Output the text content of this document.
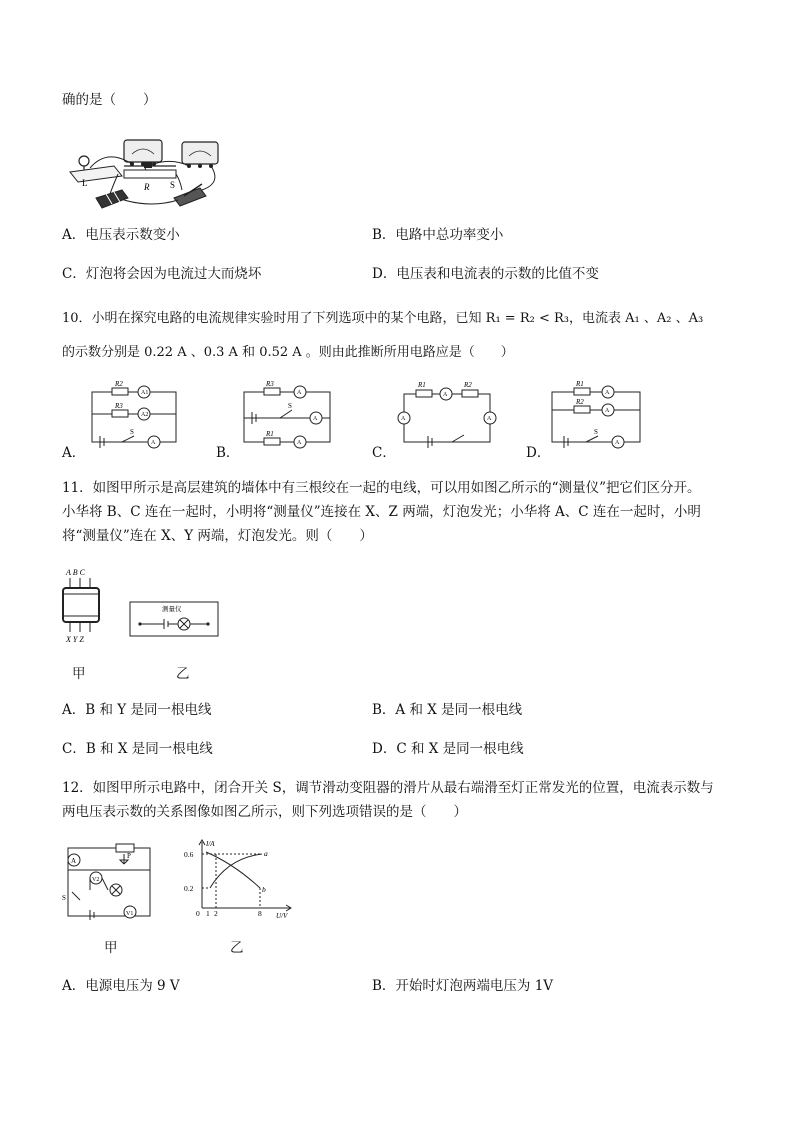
确的是（　　）
L	R S
A．电压表示数变小	B．电路中总功率变小
C．灯泡将会因为电流过大而烧坏	D．电压表和电流表的示数的比值不变
10．小明在探究电路的电流规律实验时用了下列选项中的某个电路，已知 R₁ = R₂ < R₃，电流表 A₁ 、A₂ 、A₃
的示数分别是 0.22 A 、0.3 A 和 0.52 A 。则由此推断所用电路应是（　　）
A．
R2
R3
A1
A2
A
S
B．
R3
R1
A
A
A
S
C．
R1	R2
A
A	A
D．
R1
R2
A
A
A
S
11．如图甲所示是高层建筑的墙体中有三根绞在一起的电线，可以用如图乙所示的“测量仪”把它们区分开。
小华将 B、C 连在一起时，小明将“测量仪”连接在 X、Z 两端，灯泡发光；小华将 A、C 连在一起时，小明
将“测量仪”连在 X、Y 两端，灯泡发光。则（　　）
A B C
X Y Z
测量仪
甲	乙
A．B 和 Y 是同一根电线	B．A 和 X 是同一根电线
C．B 和 X 是同一根电线	D．C 和 X 是同一根电线
12．如图甲所示电路中，闭合开关 S，调节滑动变阻器的滑片从最右端滑至灯正常发光的位置，电流表示数与
两电压表示数的关系图像如图乙所示，则下列选项错误的是（　　）
A
P
V2
V1
S
I/A
U/V
0.6
0.2
0 1 2	8
a
b
甲	乙
A．电源电压为 9 V	B．开始时灯泡两端电压为 1V
